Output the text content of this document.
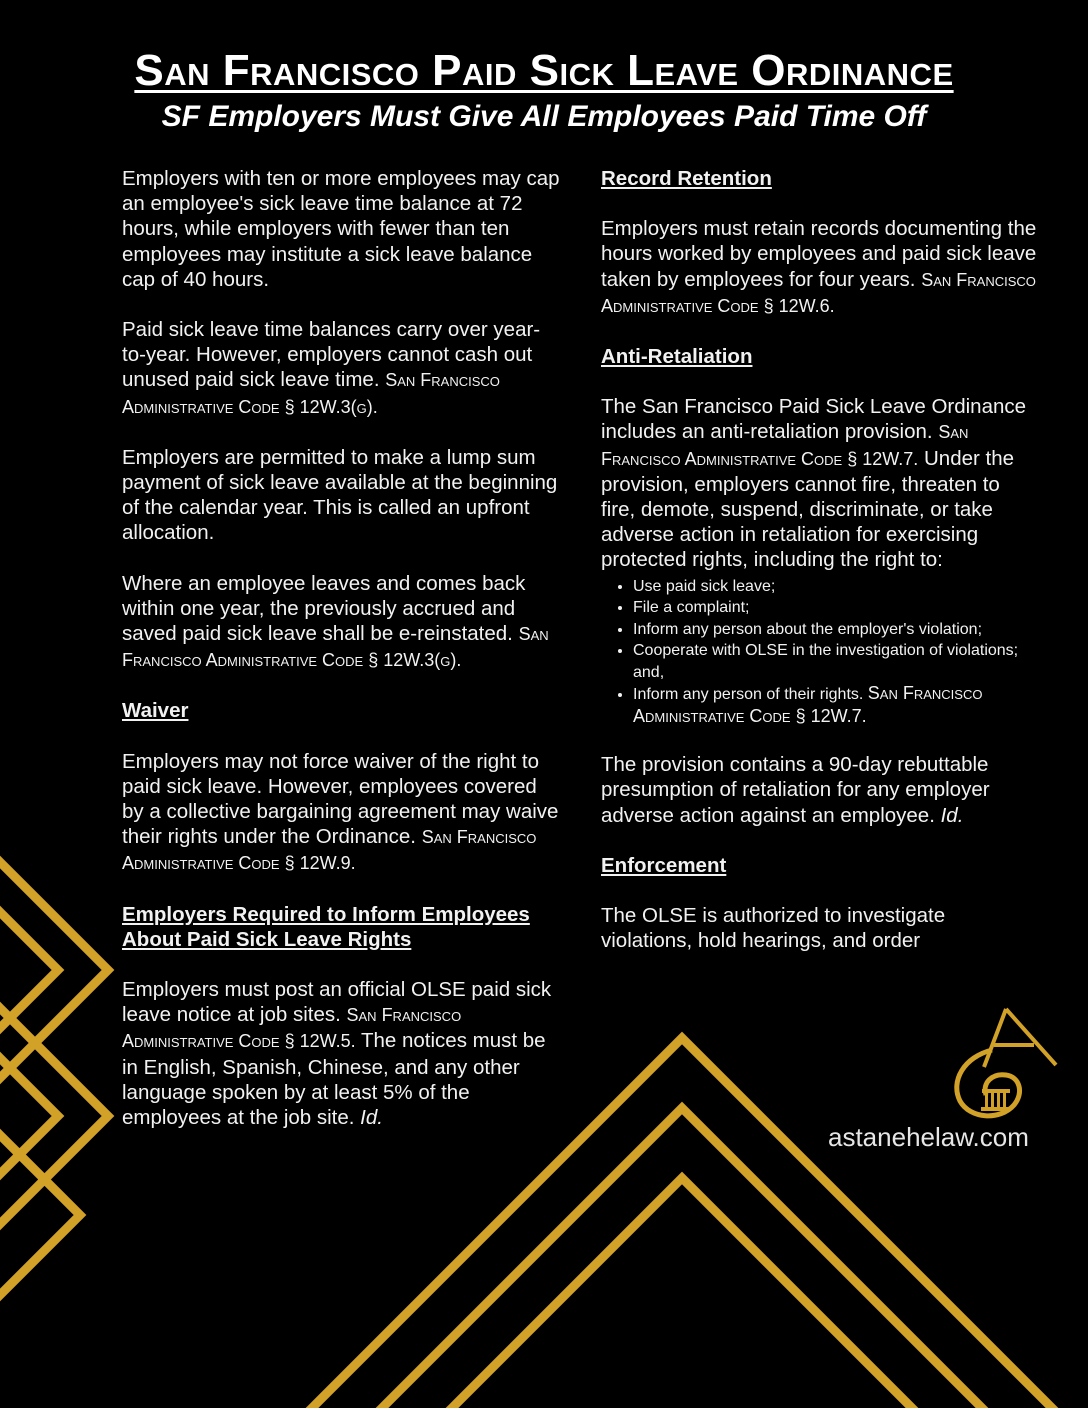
San Francisco Paid Sick Leave Ordinance
SF Employers Must Give All Employees Paid Time Off

Employers with ten or more employees may cap an employee's sick leave time balance at 72 hours, while employers with fewer than ten employees may institute a sick leave balance cap of 40 hours.

Paid sick leave time balances carry over year-to-year. However, employers cannot cash out unused paid sick leave time. San Francisco Administrative Code § 12W.3(g).

Employers are permitted to make a lump sum payment of sick leave available at the beginning of the calendar year. This is called an upfront allocation.

Where an employee leaves and comes back within one year, the previously accrued and saved paid sick leave shall be e-reinstated. San Francisco Administrative Code § 12W.3(g).

Waiver

Employers may not force waiver of the right to paid sick leave. However, employees covered by a collective bargaining agreement may waive their rights under the Ordinance. San Francisco Administrative Code § 12W.9.

Employers Required to Inform Employees About Paid Sick Leave Rights

Employers must post an official OLSE paid sick leave notice at job sites. San Francisco Administrative Code § 12W.5. The notices must be in English, Spanish, Chinese, and any other language spoken by at least 5% of the employees at the job site. Id.

Record Retention

Employers must retain records documenting the hours worked by employees and paid sick leave taken by employees for four years. San Francisco Administrative Code § 12W.6.

Anti-Retaliation

The San Francisco Paid Sick Leave Ordinance includes an anti-retaliation provision. San Francisco Administrative Code § 12W.7. Under the provision, employers cannot fire, threaten to fire, demote, suspend, discriminate, or take adverse action in retaliation for exercising protected rights, including the right to:

• Use paid sick leave;
• File a complaint;
• Inform any person about the employer's violation;
• Cooperate with OLSE in the investigation of violations; and,
• Inform any person of their rights. San Francisco Administrative Code § 12W.7.

The provision contains a 90-day rebuttable presumption of retaliation for any employer adverse action against an employee. Id.

Enforcement

The OLSE is authorized to investigate violations, hold hearings, and order

astanehelaw.com
